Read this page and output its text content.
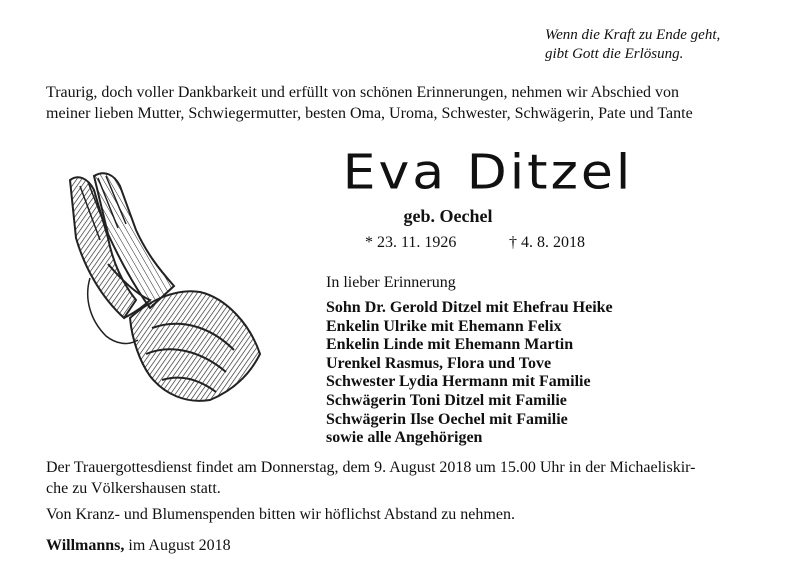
Wenn die Kraft zu Ende geht,
gibt Gott die Erlösung.
Traurig, doch voller Dankbarkeit und erfüllt von schönen Erinnerungen, nehmen wir Abschied von
meiner lieben Mutter, Schwiegermutter, besten Oma, Uroma, Schwester, Schwägerin, Pate und Tante
Eva Ditzel
geb. Oechel
* 23. 11. 1926	† 4. 8. 2018
In lieber Erinnerung
Sohn Dr. Gerold Ditzel mit Ehefrau Heike
Enkelin Ulrike mit Ehemann Felix
Enkelin Linde mit Ehemann Martin
Urenkel Rasmus, Flora und Tove
Schwester Lydia Hermann mit Familie
Schwägerin Toni Ditzel mit Familie
Schwägerin Ilse Oechel mit Familie
sowie alle Angehörigen
Der Trauergottesdienst findet am Donnerstag, dem 9. August 2018 um 15.00 Uhr in der Michaeliskir-
che zu Völkershausen statt.
Von Kranz- und Blumenspenden bitten wir höflichst Abstand zu nehmen.
Willmanns, im August 2018
